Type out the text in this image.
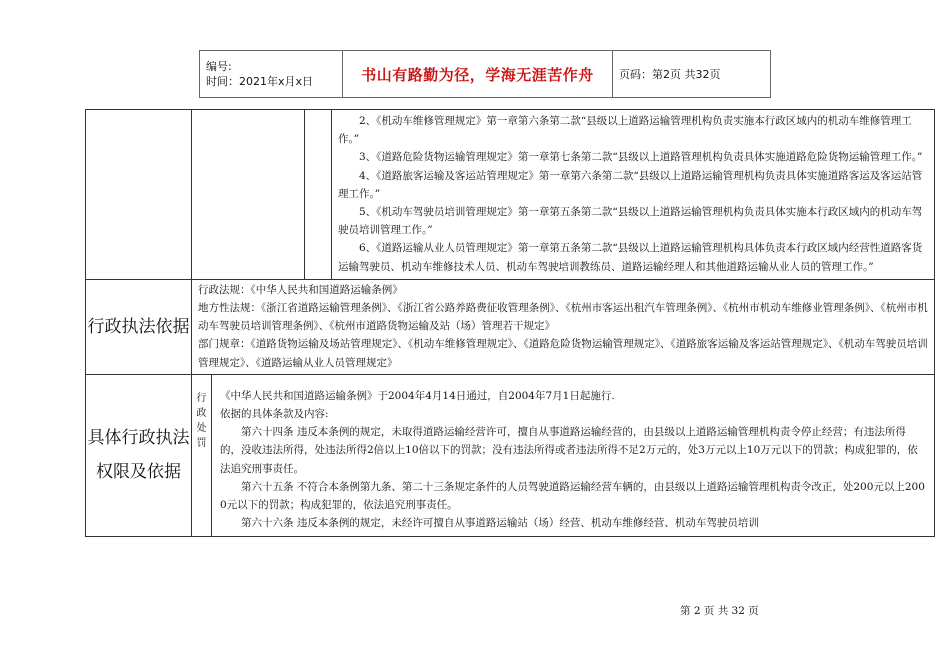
编号:
时间：2021年x月x日	书山有路勤为径，学海无涯苦作舟	页码：第2页 共32页

				2、《机动车维修管理规定》第一章第六条第二款“县级以上道路运输管理机构负责实施本行政区域内的机动车维修管理工作。”

3、《道路危险货物运输管理规定》第一章第七条第二款“县级以上道路管理机构负责具体实施道路危险货物运输管理工作。”

4、《道路旅客运输及客运站管理规定》第一章第六条第二款“县级以上道路运输管理机构负责具体实施道路客运及客运站管理工作。”

5、《机动车驾驶员培训管理规定》第一章第五条第二款“县级以上道路运输管理机构负责具体实施本行政区域内的机动车驾驶员培训管理工作。”

6、《道路运输从业人员管理规定》第一章第五条第二款“县级以上道路运输管理机构具体负责本行政区域内经营性道路客货运输驾驶员、机动车维修技术人员、机动车驾驶培训教练员、道路运输经理人和其他道路运输从业人员的管理工作。”

行政执法依据	行政法规：《中华人民共和国道路运输条例》

地方性法规：《浙江省道路运输管理条例》、《浙江省公路养路费征收管理条例》、《杭州市客运出租汽车管理条例》、《杭州市机动车维修业管理条例》、《杭州市机动车驾驶员培训管理条例》、《杭州市道路货物运输及站（场）管理若干规定》

部门规章：《道路货物运输及场站管理规定》、《机动车维修管理规定》、《道路危险货物运输管理规定》、《道路旅客运输及客运站管理规定》、《机动车驾驶员培训管理规定》、《道路运输从业人员管理规定》			

具体行政执法权限及依据	行政处罚	《中华人民共和国道路运输条例》于2004年4月14日通过，自2004年7月1日起施行.

依据的具体条款及内容:

第六十四条 违反本条例的规定，未取得道路运输经营许可，擅自从事道路运输经营的，由县级以上道路运输管理机构责令停止经营；有违法所得的，没收违法所得，处违法所得2倍以上10倍以下的罚款；没有违法所得或者违法所得不足2万元的，处3万元以上10万元以下的罚款；构成犯罪的，依法追究刑事责任。

第六十五条 不符合本条例第九条、第二十三条规定条件的人员驾驶道路运输经营车辆的，由县级以上道路运输管理机构责令改正，处200元以上2000元以下的罚款；构成犯罪的，依法追究刑事责任。

第六十六条 违反本条例的规定，未经许可擅自从事道路运输站（场）经营、机动车维修经营、机动车驾驶员培训		

第 2 页 共 32 页
